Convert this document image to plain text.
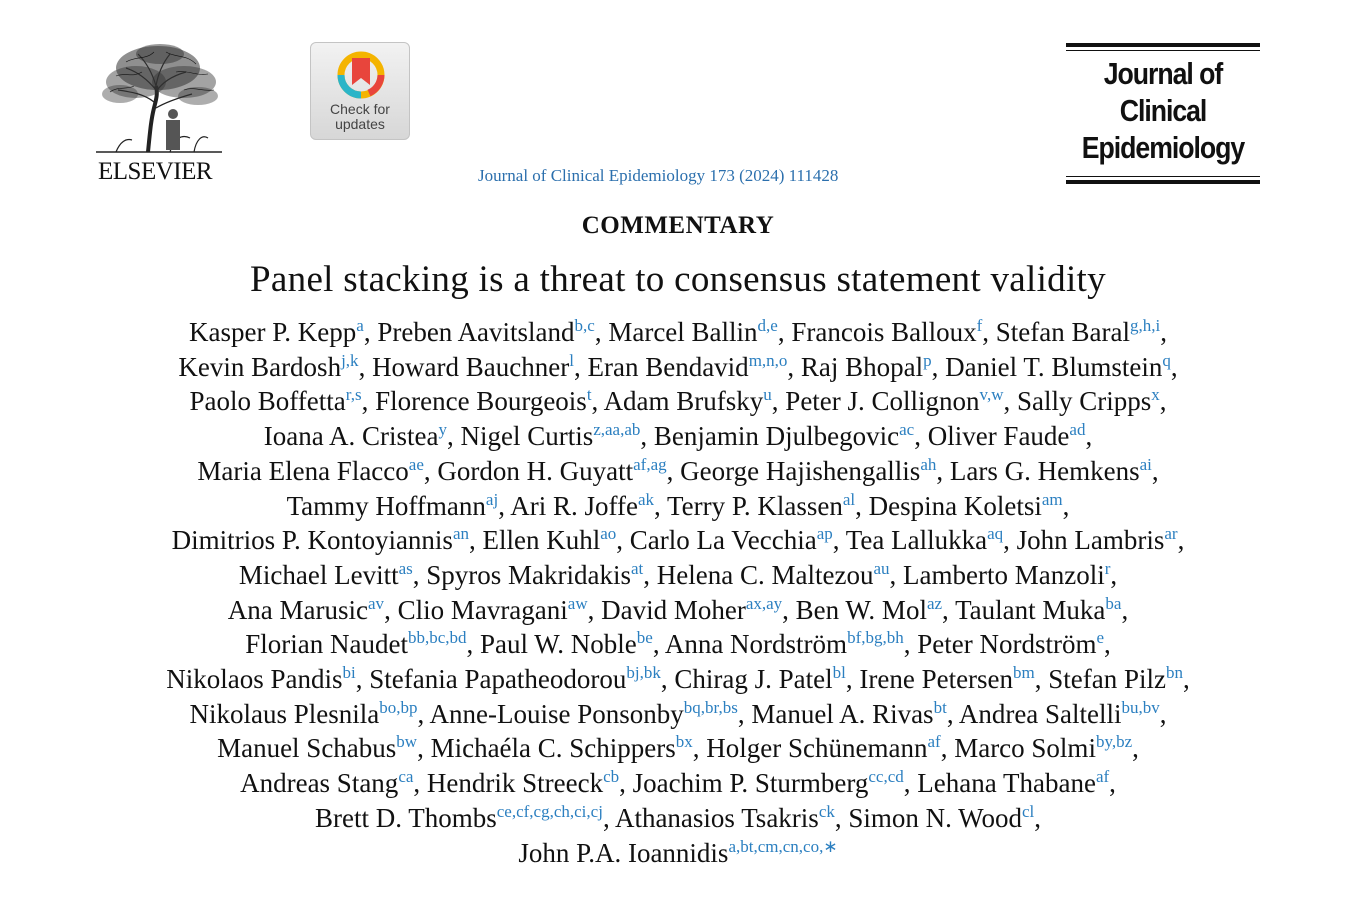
ELSEVIER
Check for
updates
Journal of Clinical Epidemiology 173 (2024) 111428
Journal of
Clinical
Epidemiology
COMMENTARY
Panel stacking is a threat to consensus statement validity
Kasper P. Kepp$^a$, Preben Aavitsland$^{b,c}$, Marcel Ballin$^{d,e}$, Francois Balloux$^f$, Stefan Baral$^{g,h,i}$,
Kevin Bardosh$^{j,k}$, Howard Bauchner$^l$, Eran Bendavid$^{m,n,o}$, Raj Bhopal$^p$, Daniel T. Blumstein$^q$,
Paolo Boffetta$^{r,s}$, Florence Bourgeois$^t$, Adam Brufsky$^u$, Peter J. Collignon$^{v,w}$, Sally Cripps$^x$,
Ioana A. Cristea$^y$, Nigel Curtis$^{z,aa,ab}$, Benjamin Djulbegovic$^{ac}$, Oliver Faude$^{ad}$,
Maria Elena Flacco$^{ae}$, Gordon H. Guyatt$^{af,ag}$, George Hajishengallis$^{ah}$, Lars G. Hemkens$^{ai}$,
Tammy Hoffmann$^{aj}$, Ari R. Joffe$^{ak}$, Terry P. Klassen$^{al}$, Despina Koletsi$^{am}$,
Dimitrios P. Kontoyiannis$^{an}$, Ellen Kuhl$^{ao}$, Carlo La Vecchia$^{ap}$, Tea Lallukka$^{aq}$, John Lambris$^{ar}$,
Michael Levitt$^{as}$, Spyros Makridakis$^{at}$, Helena C. Maltezou$^{au}$, Lamberto Manzoli$^r$,
Ana Marusic$^{av}$, Clio Mavragani$^{aw}$, David Moher$^{ax,ay}$, Ben W. Mol$^{az}$, Taulant Muka$^{ba}$,
Florian Naudet$^{bb,bc,bd}$, Paul W. Noble$^{be}$, Anna Nordström$^{bf,bg,bh}$, Peter Nordström$^e$,
Nikolaos Pandis$^{bi}$, Stefania Papatheodorou$^{bj,bk}$, Chirag J. Patel$^{bl}$, Irene Petersen$^{bm}$, Stefan Pilz$^{bn}$,
Nikolaus Plesnila$^{bo,bp}$, Anne-Louise Ponsonby$^{bq,br,bs}$, Manuel A. Rivas$^{bt}$, Andrea Saltelli$^{bu,bv}$,
Manuel Schabus$^{bw}$, Michaéla C. Schippers$^{bx}$, Holger Schünemann$^{af}$, Marco Solmi$^{by,bz}$,
Andreas Stang$^{ca}$, Hendrik Streeck$^{cb}$, Joachim P. Sturmberg$^{cc,cd}$, Lehana Thabane$^{af}$,
Brett D. Thombs$^{ce,cf,cg,ch,ci,cj}$, Athanasios Tsakris$^{ck}$, Simon N. Wood$^{cl}$,
John P.A. Ioannidis$^{a,bt,cm,cn,co,∗}$
